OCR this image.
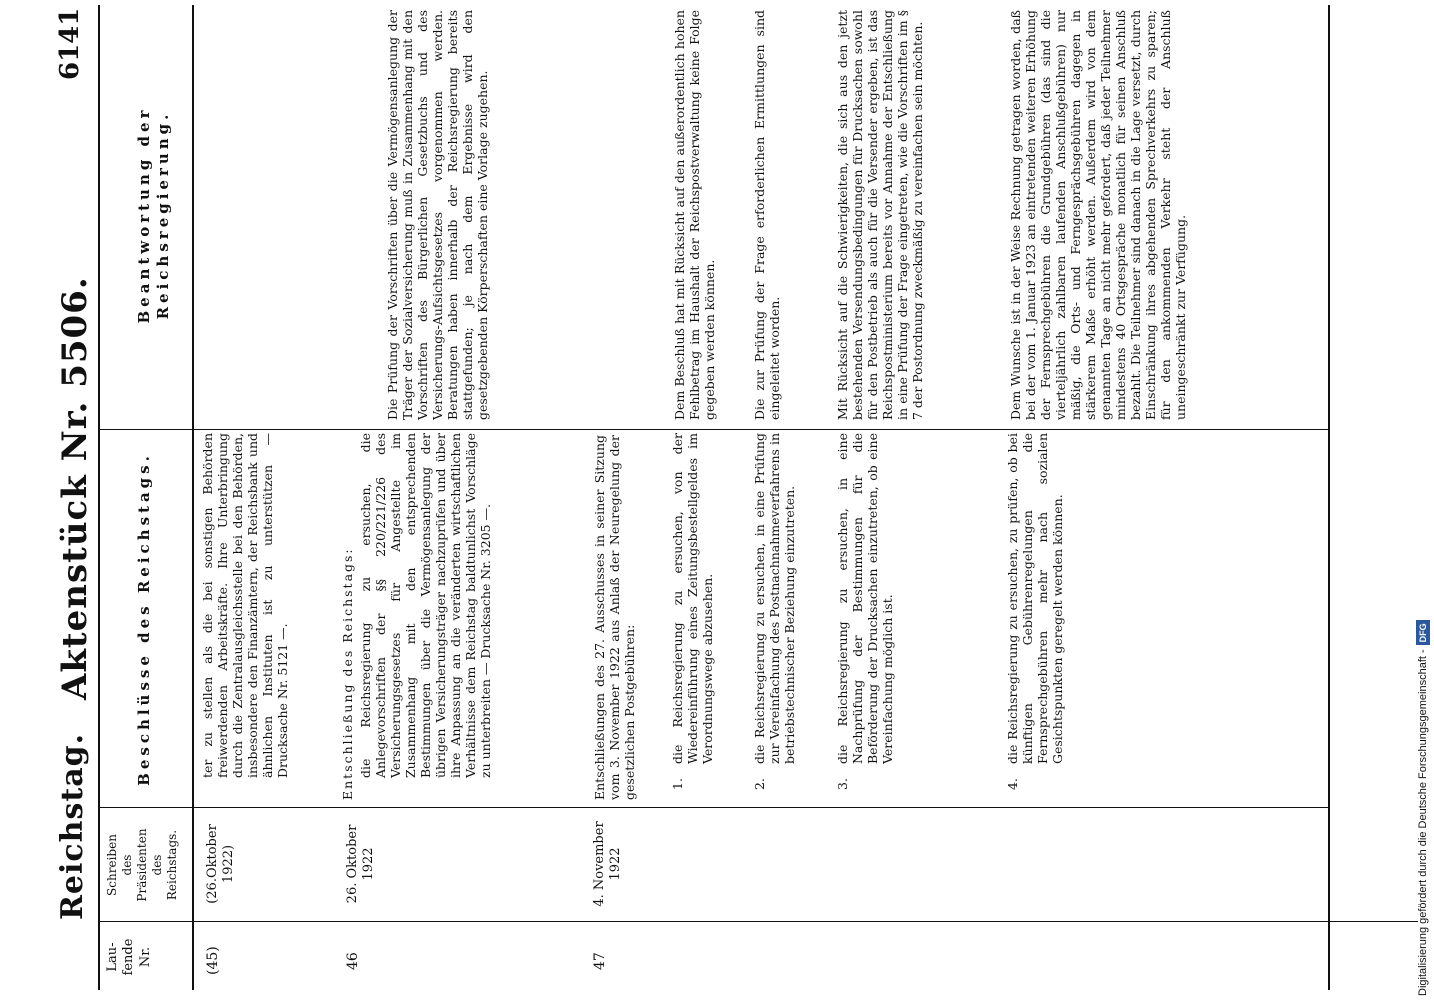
Reichstag.
Aktenstück Nr. 5506.
6141
Lau-
fende
Nr.
Schreiben
des
Präsidenten
des
Reichstags.
Beschlüsse des Reichstags.
Beantwortung der Reichsregierung.
(45)
(26.Oktober
1922)
ter zu stellen als die bei sonstigen Behörden freiwerdenden Arbeitskräfte. Ihre Unterbringung durch die Zentralausgleichsstelle bei den Behörden, insbesondere den Finanzämtern, der Reichsbank und ähnlichen Instituten ist zu unterstützen — Drucksache Nr. 5121 —.
46
26. Oktober
1922
Entschließung des Reichstags: die Reichsregierung zu ersuchen, die Anlegevorschriften der §§ 220/221/226 des Versicherungsgesetzes für Angestellte im Zusammenhang mit den entsprechenden Bestimmungen über die Vermögensanlegung der übrigen Versicherungsträger nachzuprüfen und über ihre Anpassung an die veränderten wirtschaftlichen Verhältnisse dem Reichstag baldtunlichst Vorschläge zu unterbreiten — Drucksache Nr. 3205 —.
Die Prüfung der Vorschriften über die Vermögensanlegung der Träger der Sozialversicherung muß in Zusammenhang mit den Vorschriften des Bürgerlichen Gesetzbuchs und des Versicherungs-Aufsichtsgesetzes vorgenommen werden. Beratungen haben innerhalb der Reichsregierung bereits stattgefunden; je nach dem Ergebnisse wird den gesetzgebenden Körperschaften eine Vorlage zugehen.
47
4. November 1922
Entschließungen des 27. Ausschusses in seiner Sitzung vom 3. November 1922 aus Anlaß der Neuregelung der gesetzlichen Postgebühren:	1.
die Reichsregierung zu ersuchen, von der Wiedereinführung eines Zeitungsbestellgeldes im Verordnungswege abzusehen.
Dem Beschluß hat mit Rücksicht auf den außerordentlich hohen Fehlbetrag im Haushalt der Reichspostverwaltung keine Folge gegeben werden können.
2.
die Reichsregierung zu ersuchen, in eine Prüfung zur Vereinfachung des Postnachnahmeverfahrens in betriebstechnischer Beziehung einzutreten.
Die zur Prüfung der Frage erforderlichen Ermittlungen sind eingeleitet worden.
3.
die Reichsregierung zu ersuchen, in eine Nachprüfung der Bestimmungen für die Beförderung der Drucksachen einzutreten, ob eine Vereinfachung möglich ist.
Mit Rücksicht auf die Schwierigkeiten, die sich aus den jetzt bestehenden Versendungsbedingungen für Drucksachen sowohl für den Postbetrieb als auch für die Versender ergeben, ist das Reichspostministerium bereits vor Annahme der Entschließung in eine Prüfung der Frage eingetreten, wie die Vorschriften im § 7 der Postordnung zweckmäßig zu vereinfachen sein möchten.
4.
die Reichsregierung zu ersuchen, zu prüfen, ob bei künftigen Gebührenregelungen die Fernsprechgebühren mehr nach sozialen Gesichtspunkten geregelt werden können.
Dem Wunsche ist in der Weise Rechnung getragen worden, daß bei der vom 1. Januar 1923 an eintretenden weiteren Erhöhung der Fernsprechgebühren die Grundgebühren (das sind die vierteljährlich zahlbaren laufenden Anschlußgebühren) nur mäßig, die Orts- und Ferngesprächsgebühren dagegen in stärkerem Maße erhöht werden. Außerdem wird von dem genannten Tage an nicht mehr gefordert, daß jeder Teilnehmer mindestens 40 Ortsgespräche monatlich für seinen Anschluß bezahlt. Die Teilnehmer sind danach in die Lage versetzt, durch Einschränkung ihres abgehenden Sprechverkehrs zu sparen; für den ankommenden Verkehr steht der Anschluß uneingeschränkt zur Verfügung.
Digitalisierung gefördert durch die Deutsche Forschungsgemeinschaft -DFG
